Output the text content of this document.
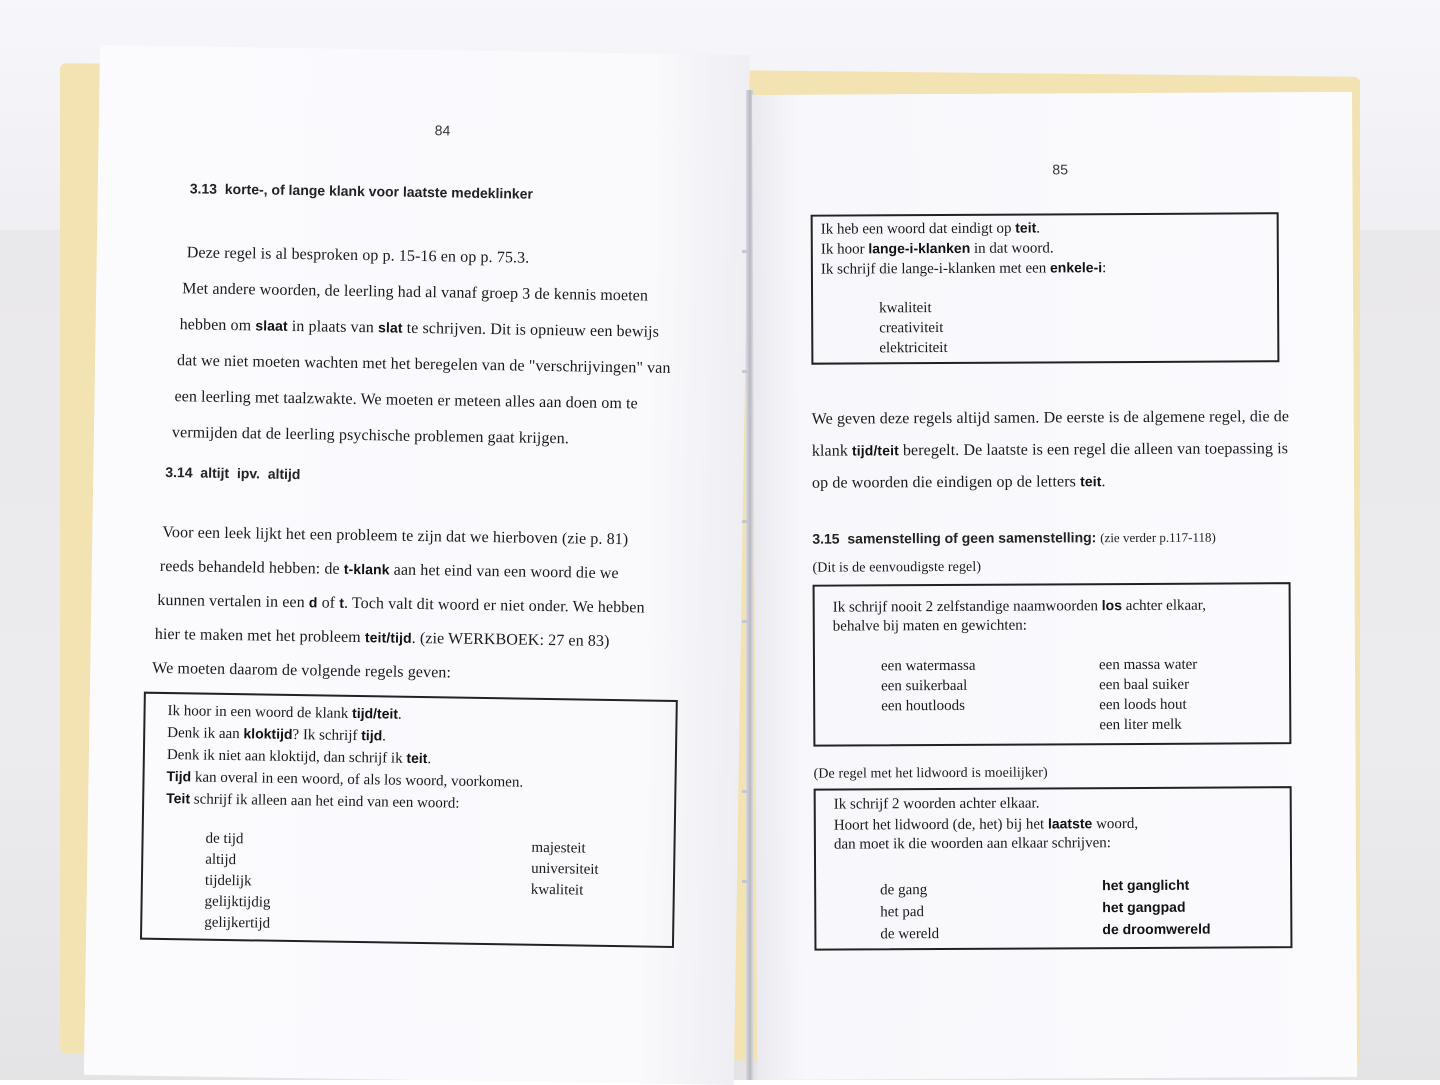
84
3.13 korte-, of lange klank voor laatste medeklinker
Deze regel is al besproken op p. 15-16 en op p. 75.3.
Met andere woorden, de leerling had al vanaf groep 3 de kennis moeten
hebben om slaat in plaats van slat te schrijven. Dit is opnieuw een bewijs
dat we niet moeten wachten met het beregelen van de "verschrijvingen" van
een leerling met taalzwakte. We moeten er meteen alles aan doen om te
vermijden dat de leerling psychische problemen gaat krijgen.
3.14 altijt  ipv.  altijd
Voor een leek lijkt het een probleem te zijn dat we hierboven (zie p. 81)
reeds behandeld hebben: de t-klank aan het eind van een woord die we
kunnen vertalen in een d of t. Toch valt dit woord er niet onder. We hebben
hier te maken met het probleem teit/tijd. (zie WERKBOEK: 27 en 83)
We moeten daarom de volgende regels geven:
Ik hoor in een woord de klank tijd/teit.
Denk ik aan kloktijd? Ik schrijf tijd.
Denk ik niet aan kloktijd, dan schrijf ik teit.
Tijd kan overal in een woord, of als los woord, voorkomen.
Teit schrijf ik alleen aan het eind van een woord:
de tijd
altijd
tijdelijk
gelijktijdig
gelijkertijd
majesteit
universiteit
kwaliteit
85
Ik heb een woord dat eindigt op teit.
Ik hoor lange-i-klanken in dat woord.
Ik schrijf die lange-i-klanken met een enkele-i:
kwaliteit
creativiteit
elektriciteit
We geven deze regels altijd samen. De eerste is de algemene regel, die de
klank tijd/teit beregelt. De laatste is een regel die alleen van toepassing is
op de woorden die eindigen op de letters teit.
3.15 samenstelling of geen samenstelling: (zie verder p.117-118)
(Dit is de eenvoudigste regel)
Ik schrijf nooit 2 zelfstandige naamwoorden los achter elkaar,
behalve bij maten en gewichten:
een watermassa
een suikerbaal
een houtloods
een massa water
een baal suiker
een loods hout
een liter melk
(De regel met het lidwoord is moeilijker)
Ik schrijf 2 woorden achter elkaar.
Hoort het lidwoord (de, het) bij het laatste woord,
dan moet ik die woorden aan elkaar schrijven:
de gang
het pad
de wereld
het ganglicht
het gangpad
de droomwereld
